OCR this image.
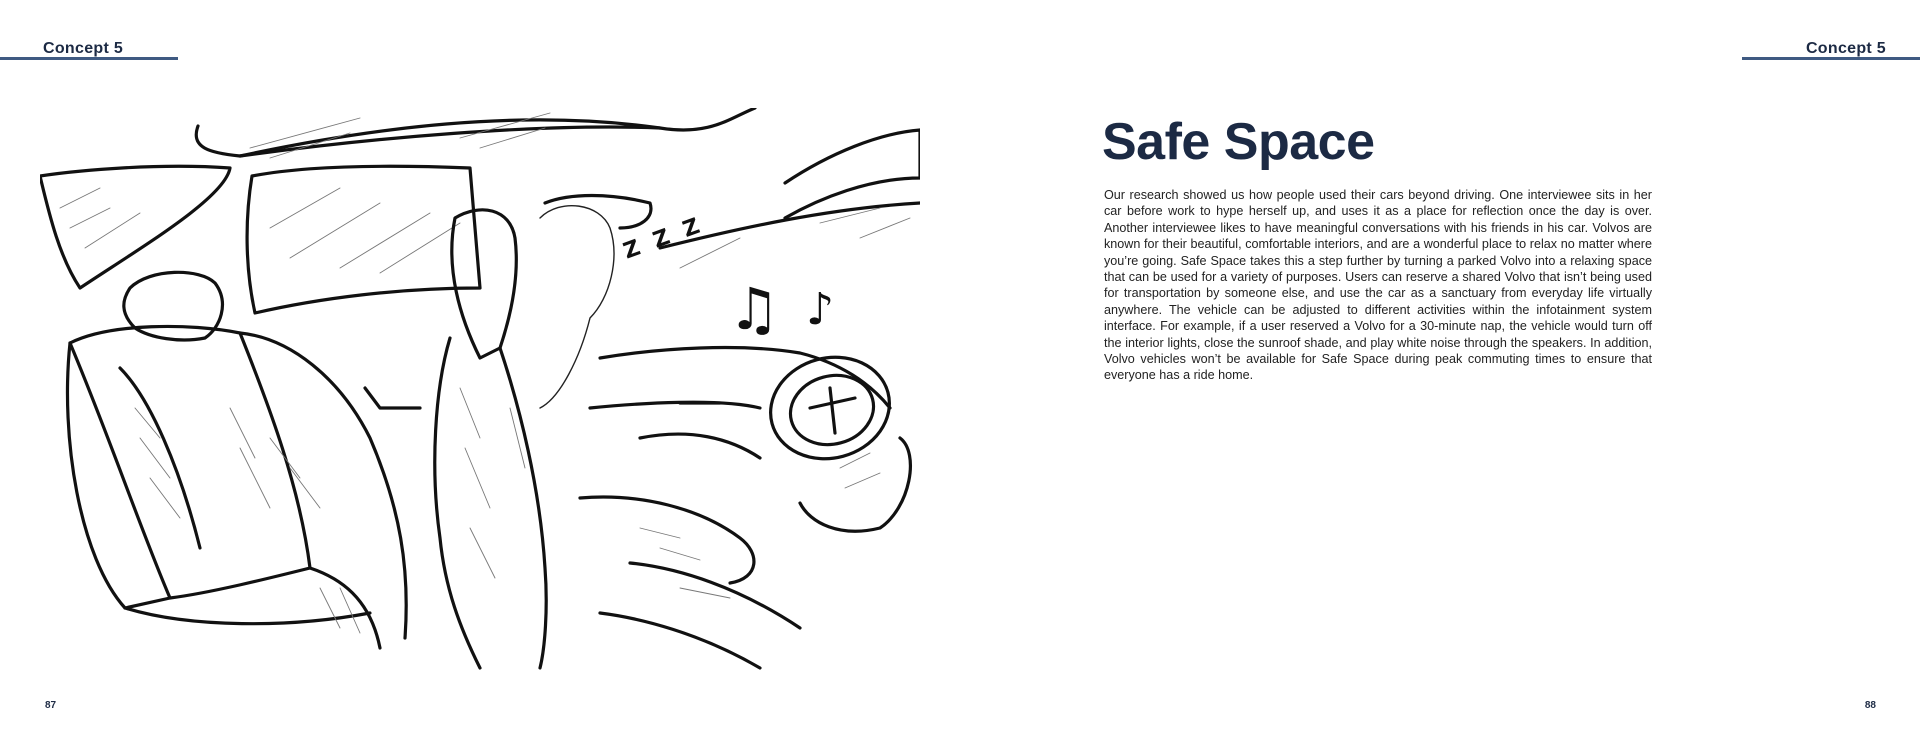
Concept 5	Concept 5
Z Z Z
♫ ♪
Safe Space

Our research showed us how people used their cars beyond driving. One interviewee sits in her car before work to hype herself up, and uses it as a place for reflection once the day is over. Another interviewee likes to have meaningful conversations with his friends in his car. Volvos are known for their beautiful, comfortable interiors, and are a wonderful place to relax no matter where you’re going. Safe Space takes this a step further by turning a parked Volvo into a relaxing space that can be used for a variety of purposes. Users can reserve a shared Volvo that isn’t being used for transportation by someone else, and use the car as a sanctuary from everyday life virtually anywhere. The vehicle can be adjusted to different activities within the infotainment system interface. For example, if a user reserved a Volvo for a 30-minute nap, the vehicle would turn off the interior lights, close the sunroof shade, and play white noise through the speakers. In addition, Volvo vehicles won’t be available for Safe Space during peak commuting times to ensure that everyone has a ride home.

87	88
